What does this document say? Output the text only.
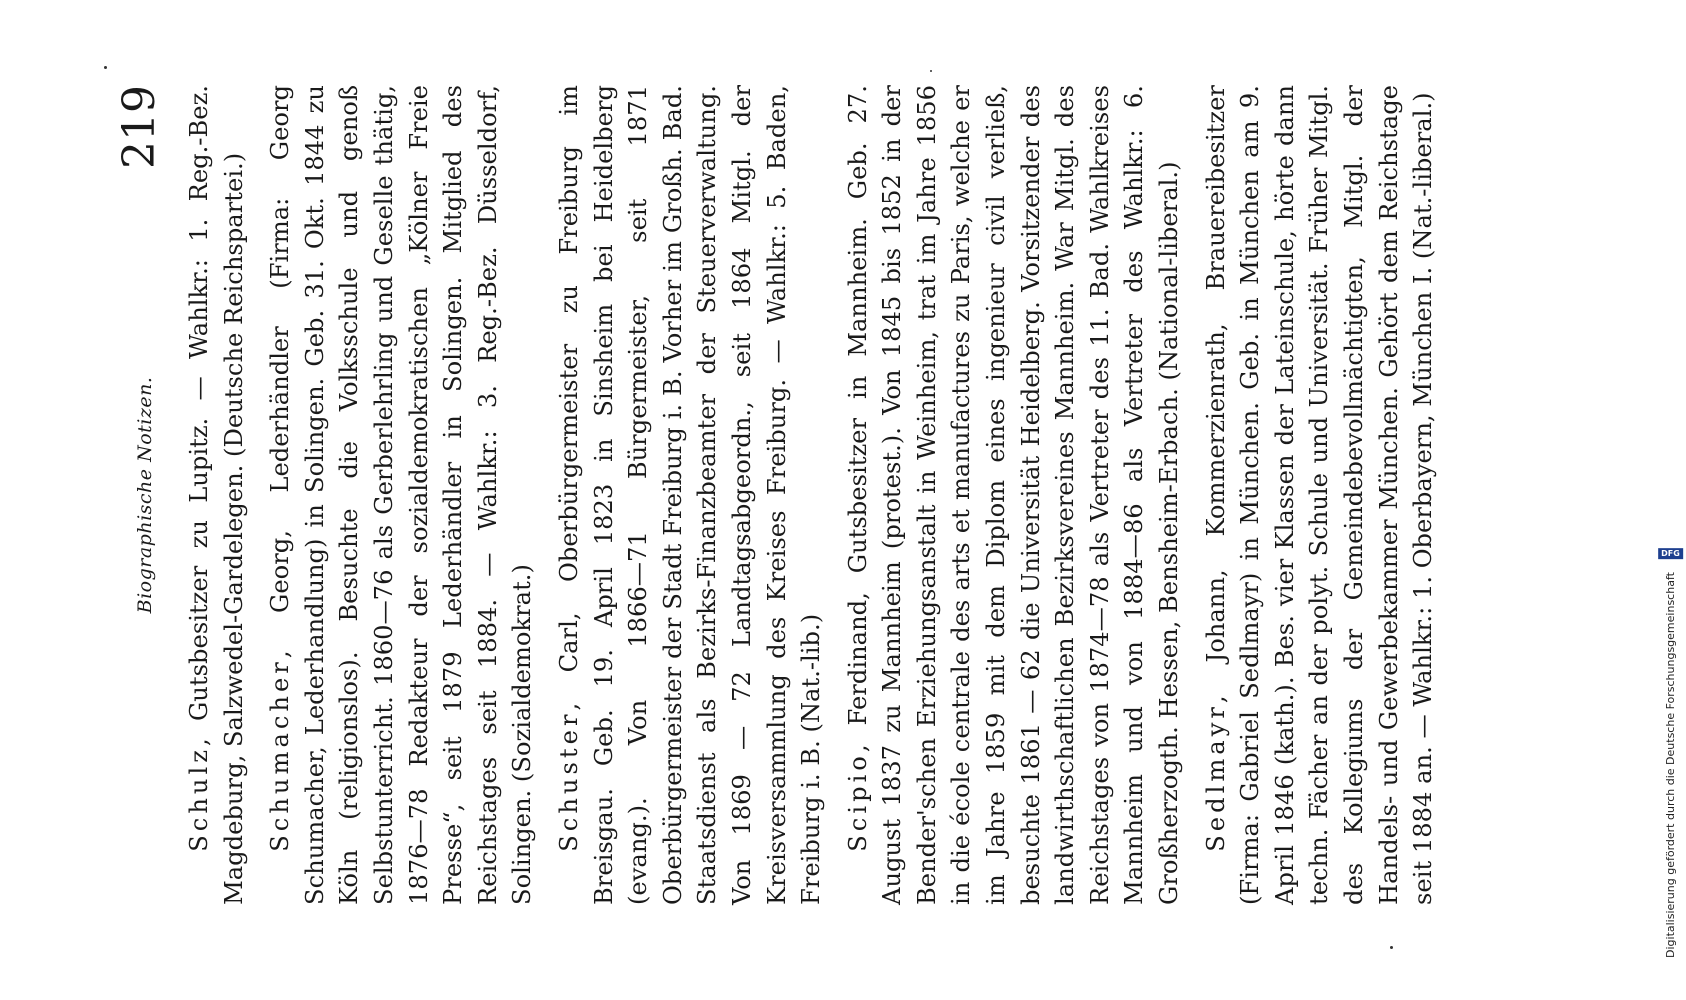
Biographische Notizen.
219

Schulz, Gutsbesitzer zu Lupitz. — Wahlkr.: 1. Reg.-Bez. Magdeburg, Salzwedel-Gardelegen. (Deutsche Reichspartei.) Schumacher, Georg, Lederhändler (Firma: Georg Schumacher, Lederhandlung) in Solingen. Geb. 31. Okt. 1844 zu Köln (religionslos). Besuchte die Volksschule und genoß Selbstunterricht. 1860—76 als Gerberlehrling und Geselle thätig, 1876—78 Redakteur der sozialdemokratischen „Kölner Freie Presse“, seit 1879 Lederhändler in Solingen. Mitglied des Reichstages seit 1884. — Wahlkr.: 3. Reg.-Bez. Düsseldorf, Solingen. (Sozialdemokrat.) Schuster, Carl, Oberbürgermeister zu Freiburg im Breisgau. Geb. 19. April 1823 in Sinsheim bei Heidelberg (evang.). Von 1866—71 Bürgermeister, seit 1871 Oberbürgermeister der Stadt Freiburg i. B. Vorher im Großh. Bad. Staatsdienst als Bezirks-Finanzbeamter der Steuerverwaltung. Von 1869 — 72 Landtagsabgeordn., seit 1864 Mitgl. der Kreisversammlung des Kreises Freiburg. — Wahlkr.: 5. Baden, Freiburg i. B. (Nat.-lib.) Scipio, Ferdinand, Gutsbesitzer in Mannheim. Geb. 27. August 1837 zu Mannheim (protest.). Von 1845 bis 1852 in der Bender'schen Erziehungsanstalt in Weinheim, trat im Jahre 1856 in die école centrale des arts et manufactures zu Paris, welche er im Jahre 1859 mit dem Diplom eines ingenieur civil verließ, besuchte 1861 — 62 die Universität Heidelberg. Vorsitzender des landwirthschaftlichen Bezirksvereines Mannheim. War Mitgl. des Reichstages von 1874—78 als Vertreter des 11. Bad. Wahlkreises Mannheim und von 1884—86 als Vertreter des Wahlkr.: 6. Großherzogth. Hessen, Bensheim-Erbach. (National-liberal.) Sedlmayr, Johann, Kommerzienrath, Brauereibesitzer (Firma: Gabriel Sedlmayr) in München. Geb. in München am 9. April 1846 (kath.). Bes. vier Klassen der Lateinschule, hörte dann techn. Fächer an der polyt. Schule und Universität. Früher Mitgl. des Kollegiums der Gemeindebevollmächtigten, Mitgl. der Handels- und Gewerbekammer München. Gehört dem Reichstage seit 1884 an. — Wahlkr.: 1. Oberbayern, München I. (Nat.-liberal.)	Digitalisierung gefördert durch die Deutsche Forschungsgemeinschaft
DFG
